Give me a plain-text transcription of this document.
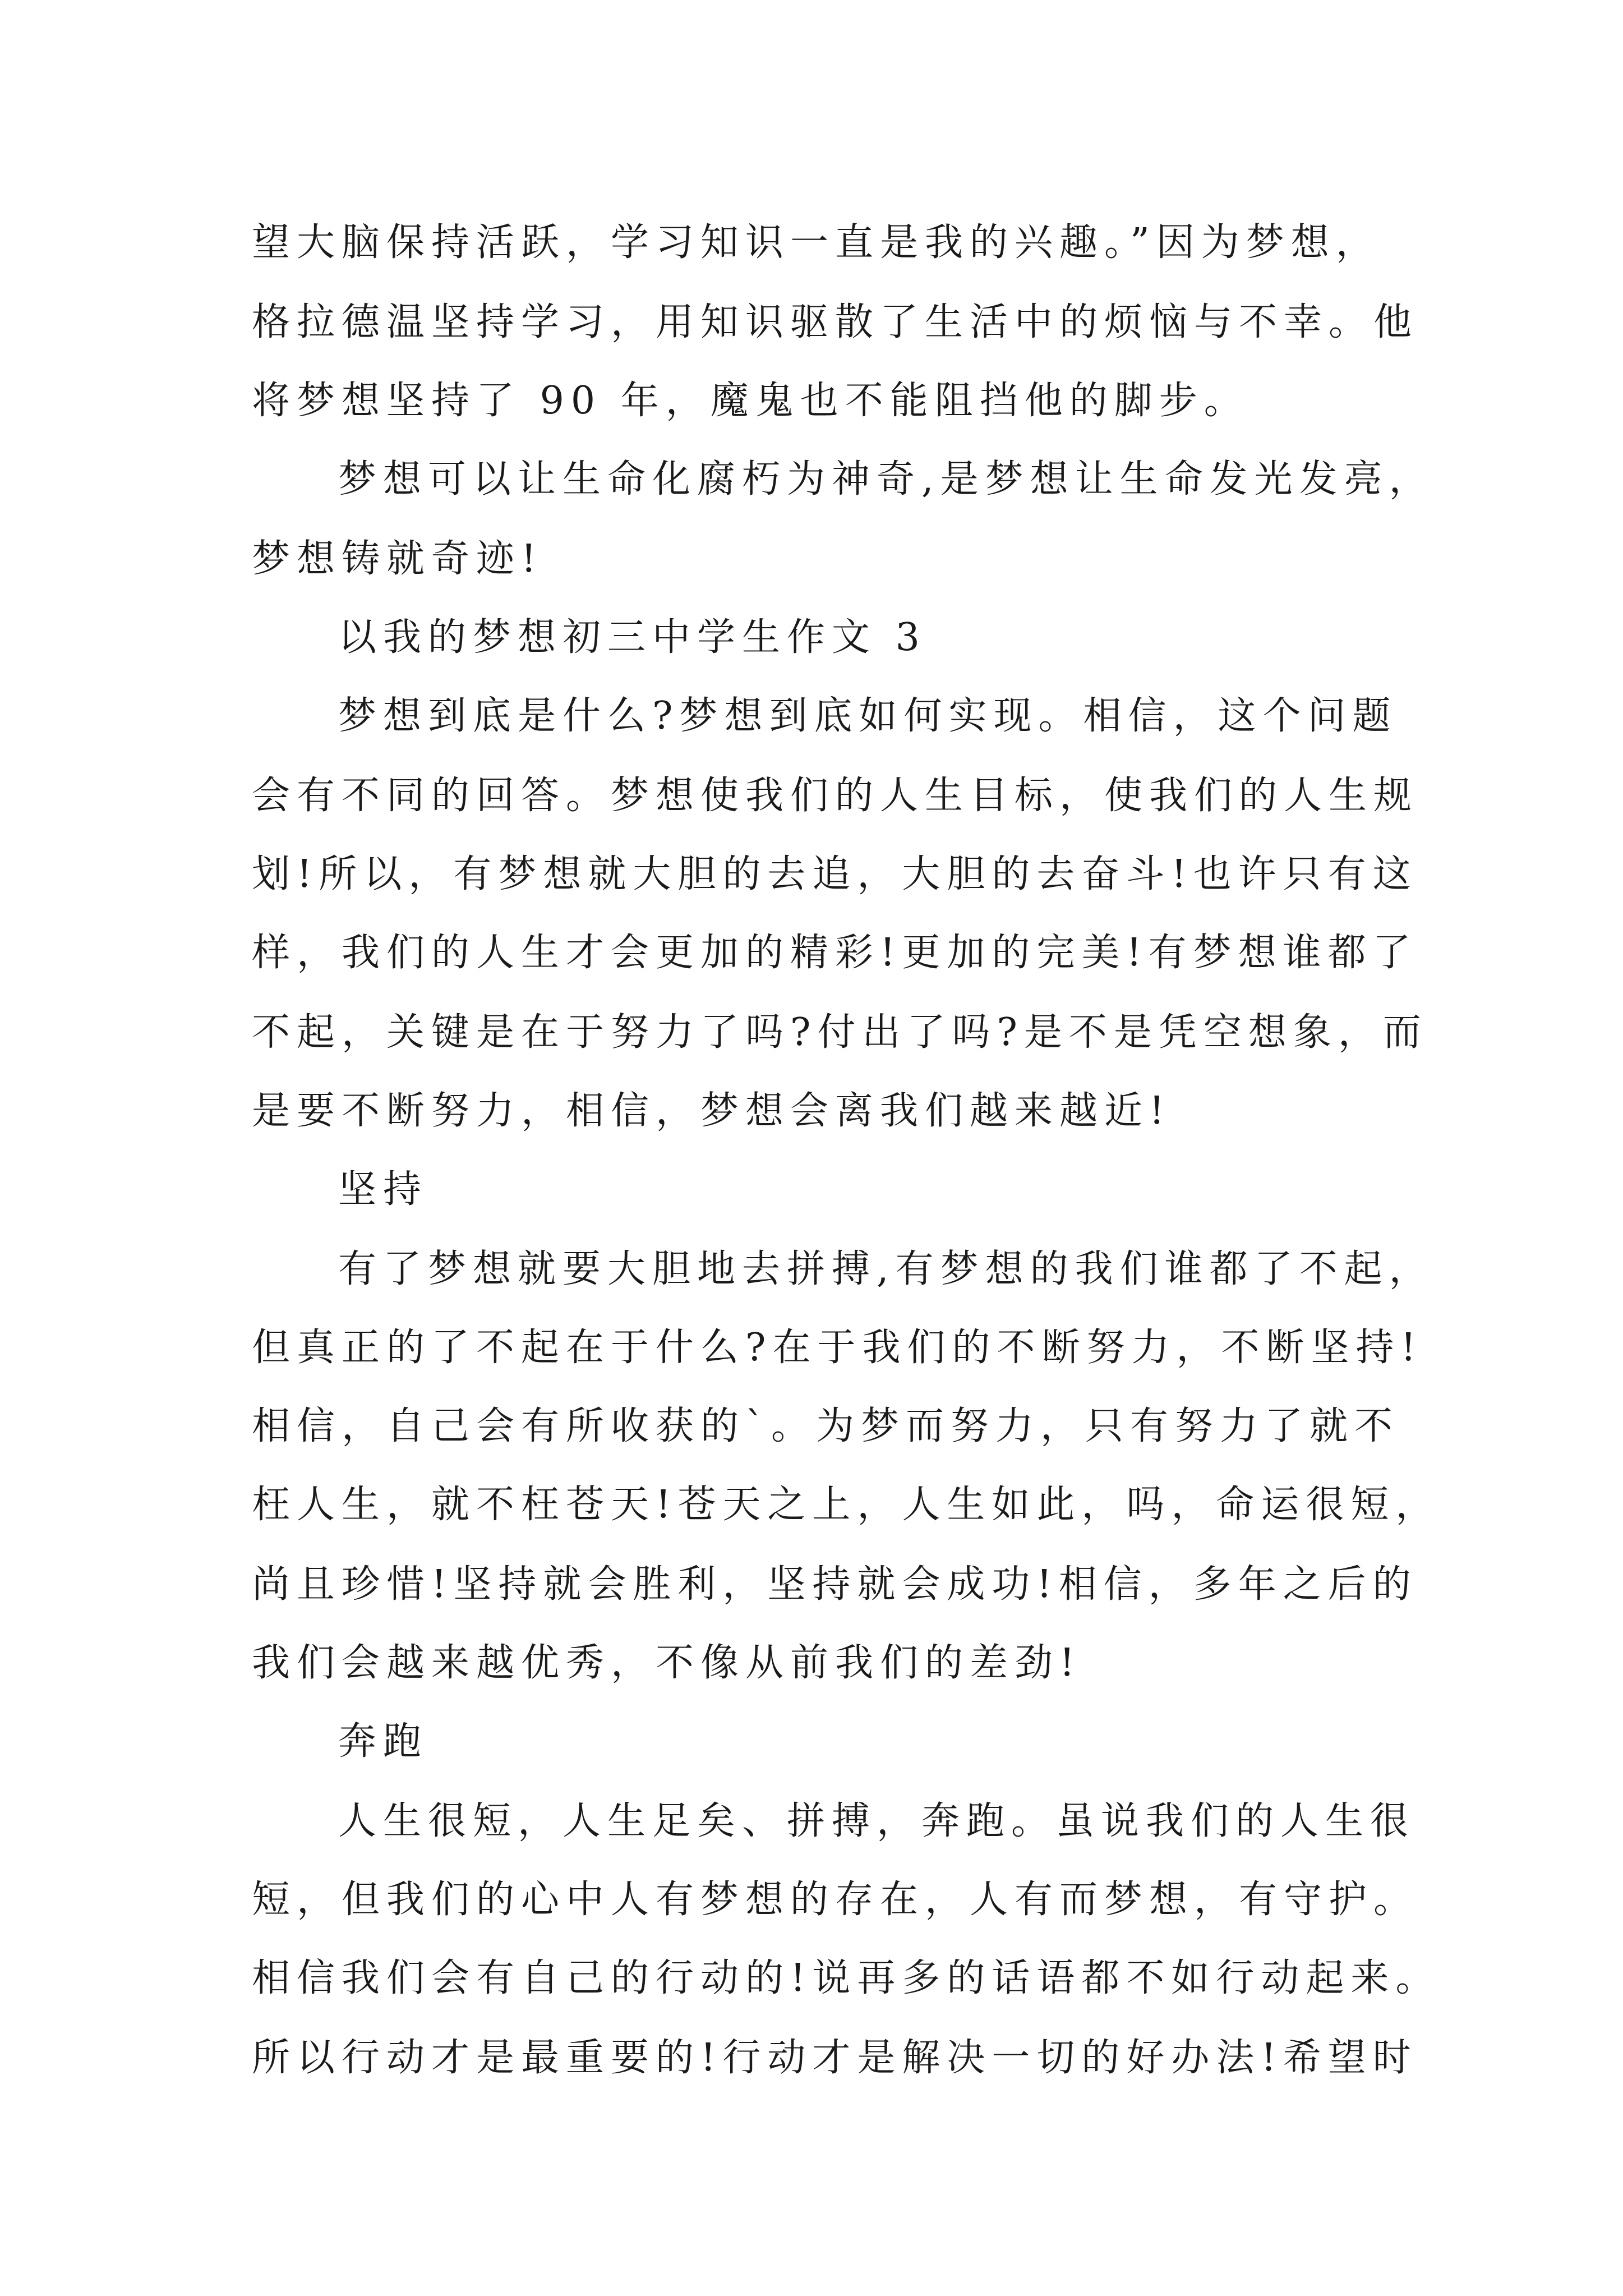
望大脑保持活跃，学习知识一直是我的兴趣。”因为梦想，
格拉德温坚持学习，用知识驱散了生活中的烦恼与不幸。他
将梦想坚持了 90 年，魔鬼也不能阻挡他的脚步。
梦想可以让生命化腐朽为神奇,是梦想让生命发光发亮，
梦想铸就奇迹!
以我的梦想初三中学生作文 3
梦想到底是什么?梦想到底如何实现。相信，这个问题
会有不同的回答。梦想使我们的人生目标，使我们的人生规
划!所以，有梦想就大胆的去追，大胆的去奋斗!也许只有这
样，我们的人生才会更加的精彩!更加的完美!有梦想谁都了
不起，关键是在于努力了吗?付出了吗?是不是凭空想象，而
是要不断努力，相信，梦想会离我们越来越近!
坚持
有了梦想就要大胆地去拼搏,有梦想的我们谁都了不起，
但真正的了不起在于什么?在于我们的不断努力，不断坚持!
相信，自己会有所收获的`。为梦而努力，只有努力了就不
枉人生，就不枉苍天!苍天之上，人生如此，吗，命运很短，
尚且珍惜!坚持就会胜利，坚持就会成功!相信，多年之后的
我们会越来越优秀，不像从前我们的差劲!
奔跑
人生很短，人生足矣、拼搏，奔跑。虽说我们的人生很
短，但我们的心中人有梦想的存在，人有而梦想，有守护。
相信我们会有自己的行动的!说再多的话语都不如行动起来。
所以行动才是最重要的!行动才是解决一切的好办法!希望时
